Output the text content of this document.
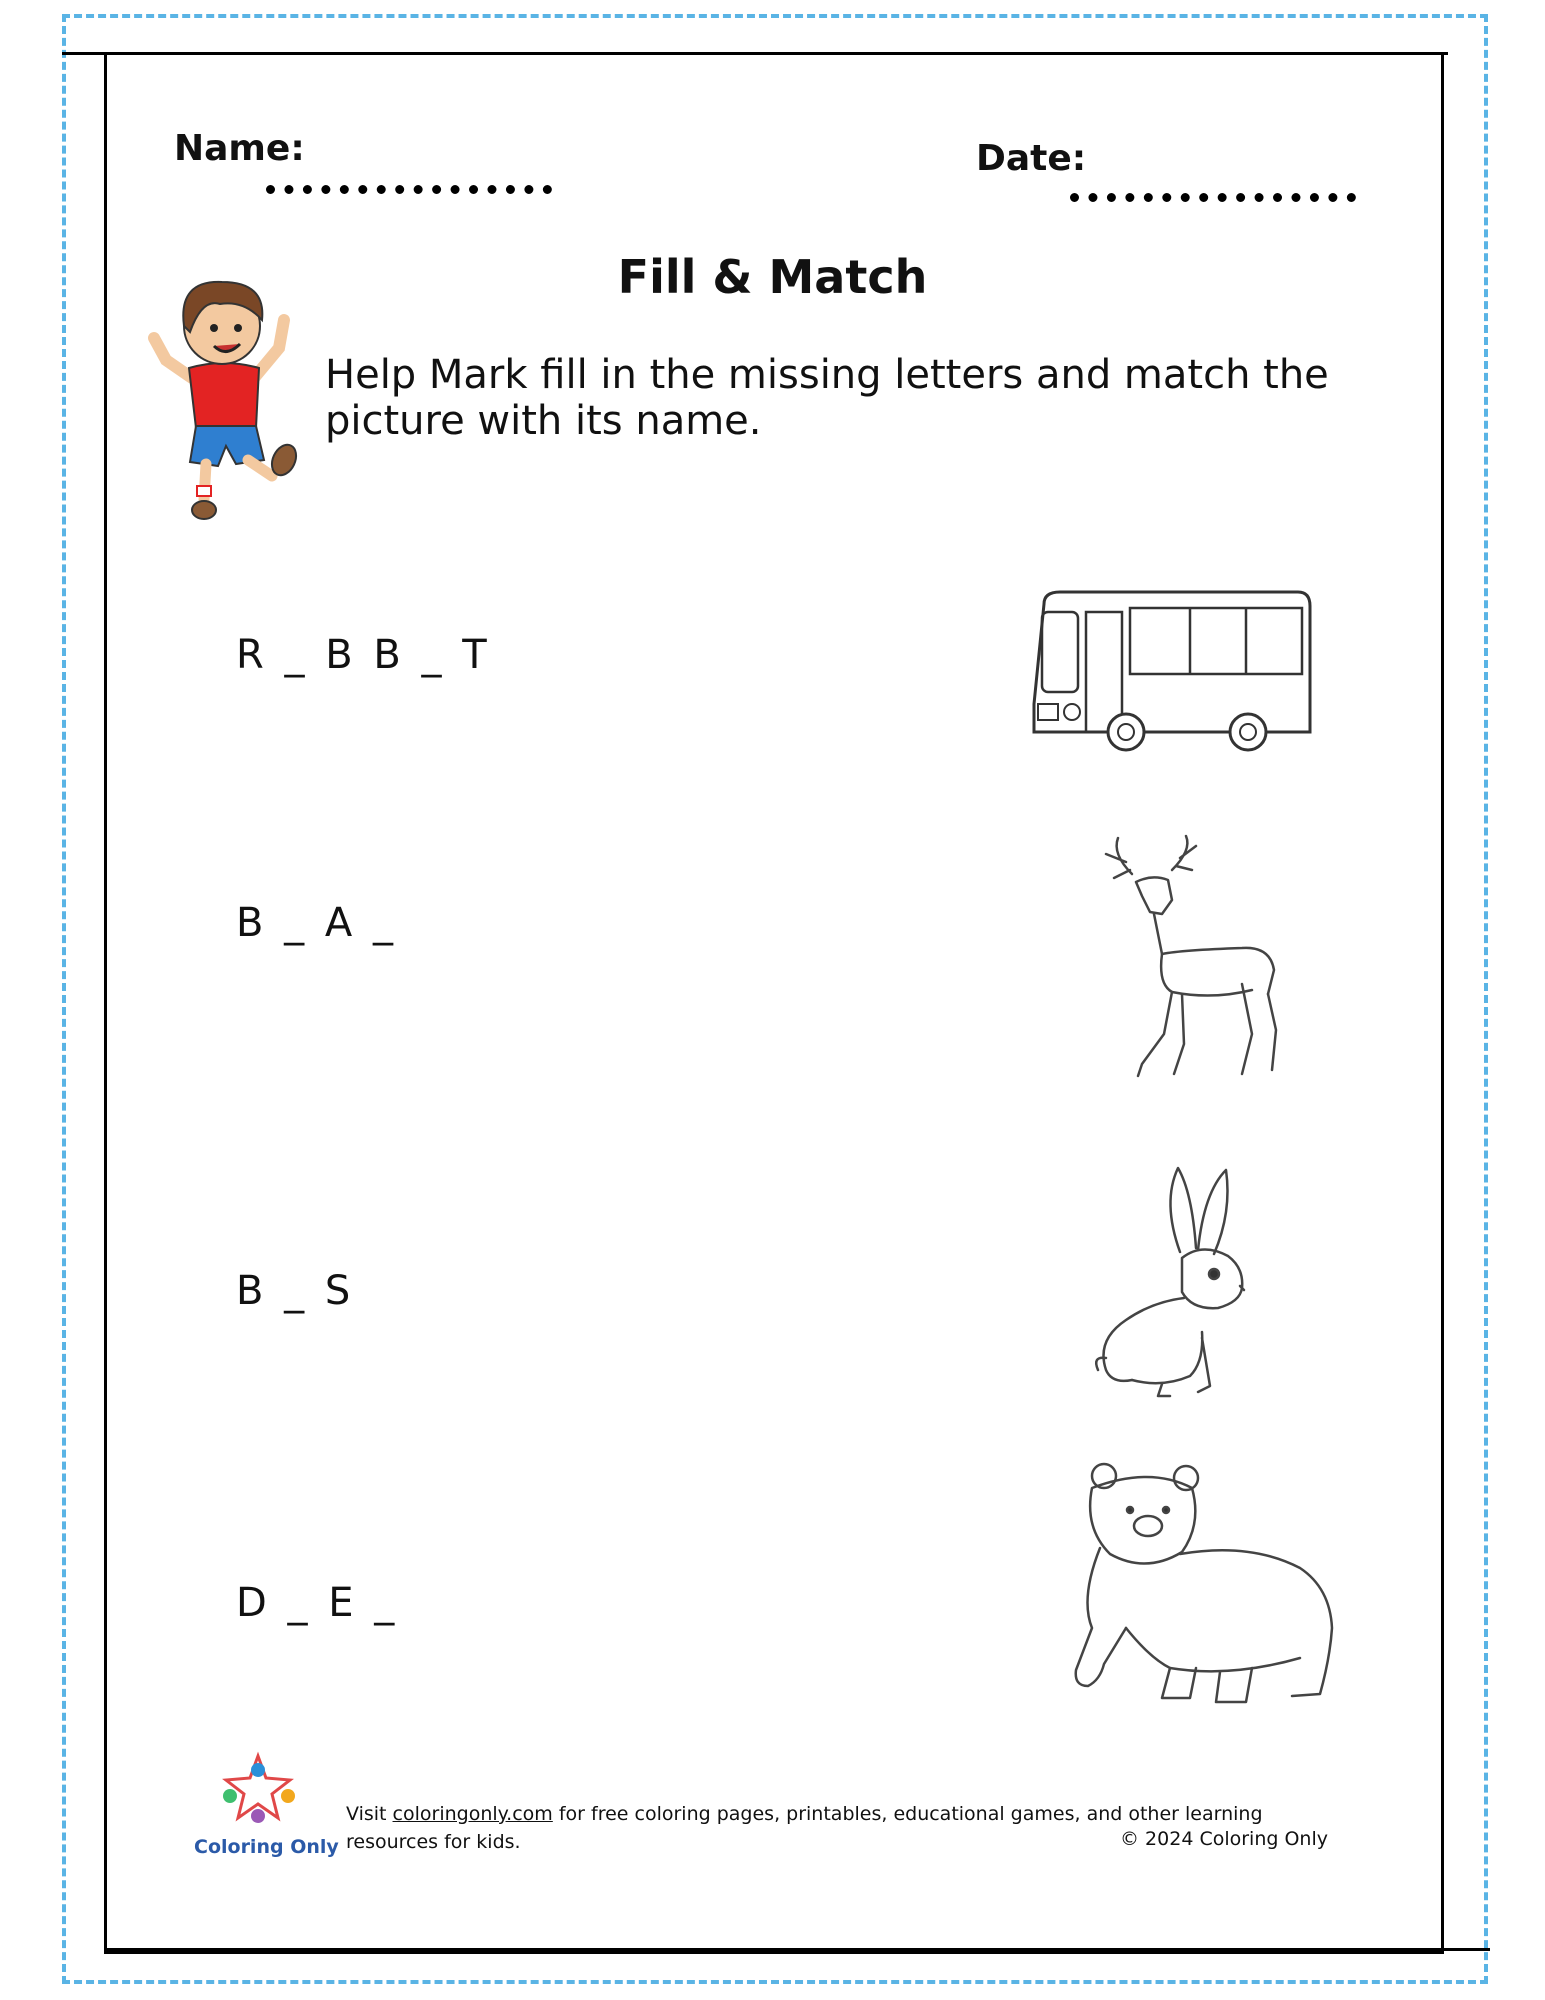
Name:	Date:
Fill & Match
Help Mark fill in the missing letters and match the picture with its name.
R _ B B _ T
B _ A _
B _ S
D _ E _
Coloring Only
Visit coloringonly.com for free coloring pages, printables, educational games, and other learning resources for kids.	© 2024 Coloring Only
